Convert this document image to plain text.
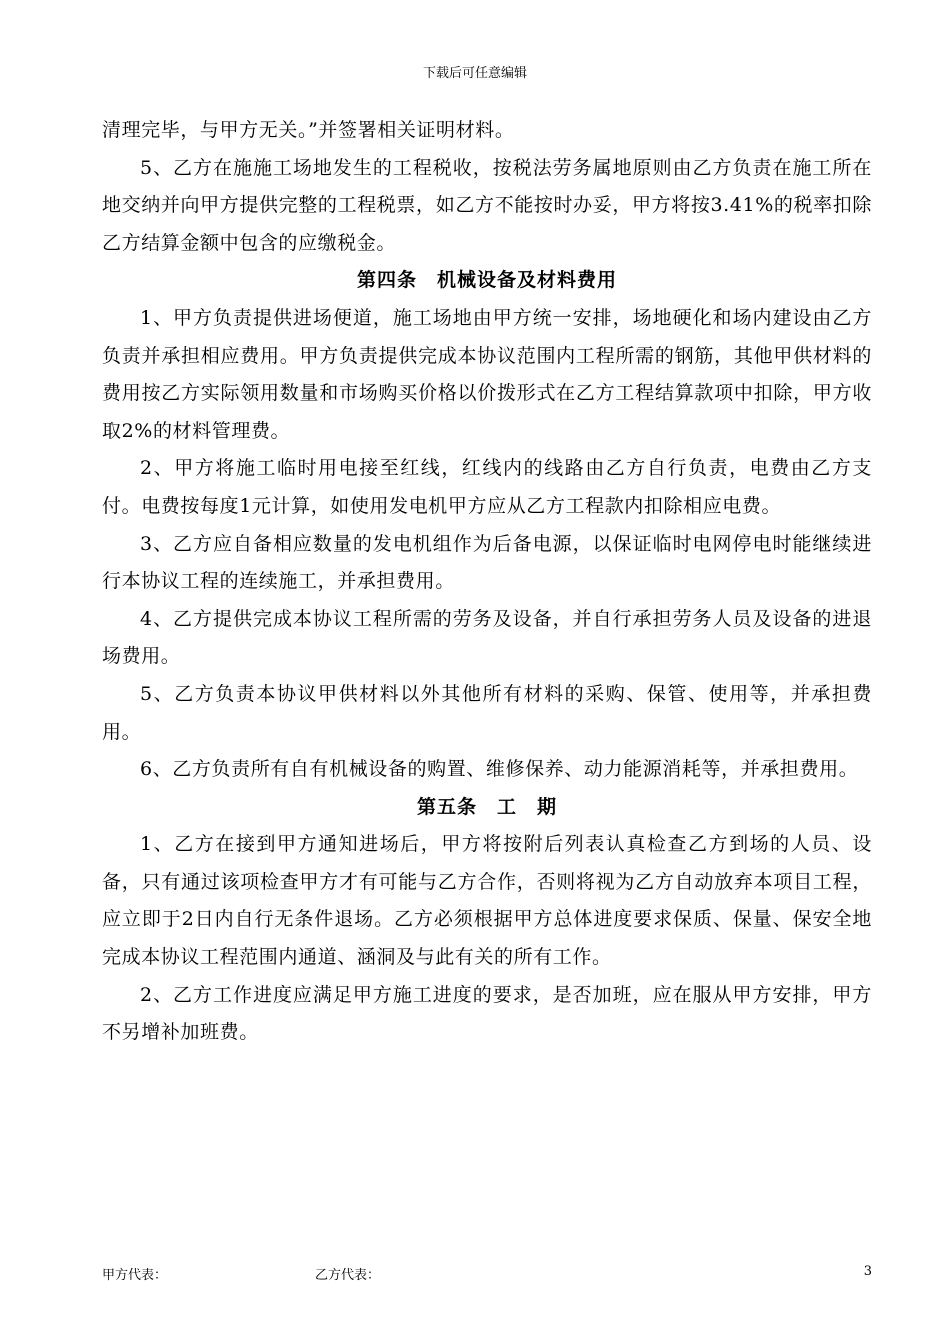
下载后可任意编辑

清理完毕，与甲方无关。”并签署相关证明材料。

5、乙方在施施工场地发生的工程税收，按税法劳务属地原则由乙方负责在施工所在地交纳并向甲方提供完整的工程税票，如乙方不能按时办妥，甲方将按3.41%的税率扣除乙方结算金额中包含的应缴税金。

第四条　机械设备及材料费用

1、甲方负责提供进场便道，施工场地由甲方统一安排，场地硬化和场内建设由乙方负责并承担相应费用。甲方负责提供完成本协议范围内工程所需的钢筋，其他甲供材料的费用按乙方实际领用数量和市场购买价格以价拨形式在乙方工程结算款项中扣除，甲方收取2%的材料管理费。

2、甲方将施工临时用电接至红线，红线内的线路由乙方自行负责，电费由乙方支付。电费按每度1元计算，如使用发电机甲方应从乙方工程款内扣除相应电费。

3、乙方应自备相应数量的发电机组作为后备电源，以保证临时电网停电时能继续进行本协议工程的连续施工，并承担费用。

4、乙方提供完成本协议工程所需的劳务及设备，并自行承担劳务人员及设备的进退场费用。

5、乙方负责本协议甲供材料以外其他所有材料的采购、保管、使用等，并承担费用。

6、乙方负责所有自有机械设备的购置、维修保养、动力能源消耗等，并承担费用。

第五条　工　期

1、乙方在接到甲方通知进场后，甲方将按附后列表认真检查乙方到场的人员、设备，只有通过该项检查甲方才有可能与乙方合作，否则将视为乙方自动放弃本项目工程，应立即于2日内自行无条件退场。乙方必须根据甲方总体进度要求保质、保量、保安全地完成本协议工程范围内通道、涵洞及与此有关的所有工作。

2、乙方工作进度应满足甲方施工进度的要求，是否加班，应在服从甲方安排，甲方不另增补加班费。

甲方代表：	乙方代表：	3
